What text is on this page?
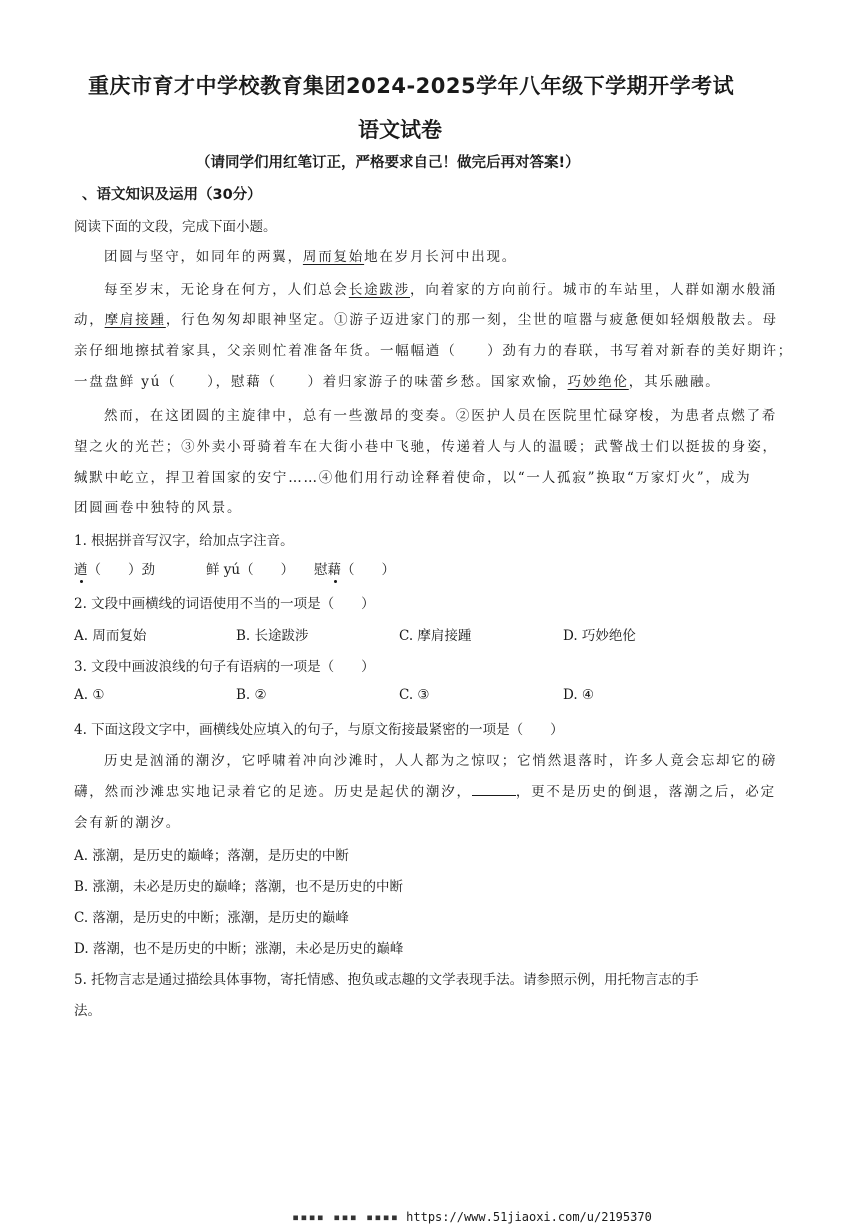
重庆市育才中学校教育集团2024-2025学年八年级下学期开学考试
语文试卷
（请同学们用红笔订正，严格要求自己！做完后再对答案!）
、语文知识及运用（30分）
阅读下面的文段，完成下面小题。
团圆与坚守，如同年的两翼，周而复始地在岁月长河中出现。
每至岁末，无论身在何方，人们总会长途跋涉，向着家的方向前行。城市的车站里，人群如潮水般涌
动，摩肩接踵，行色匆匆却眼神坚定。①游子迈进家门的那一刻，尘世的喧嚣与疲惫便如轻烟般散去。母
亲仔细地擦拭着家具，父亲则忙着准备年货。一幅幅遒（　　）劲有力的春联，书写着对新春的美好期许；
一盘盘鲜 yú（　　），慰藉（　　）着归家游子的味蕾乡愁。国家欢愉，巧妙绝伦，其乐融融。
然而，在这团圆的主旋律中，总有一些激昂的变奏。②医护人员在医院里忙碌穿梭，为患者点燃了希
望之火的光芒；③外卖小哥骑着车在大街小巷中飞驰，传递着人与人的温暖；武警战士们以挺拔的身姿，
缄默中屹立，捍卫着国家的安宁……④他们用行动诠释着使命，以“一人孤寂”换取“万家灯火”，成为
团圆画卷中独特的风景。
1. 根据拼音写汉字，给加点字注音。
遒（　　）劲	鲜 yú（　　） 慰藉（　　）
2. 文段中画横线的词语使用不当的一项是（　　）
A. 周而复始	B. 长途跋涉	C. 摩肩接踵	D. 巧妙绝伦
3. 文段中画波浪线的句子有语病的一项是（　　）
A. ①	B. ②	C. ③	D. ④
4. 下面这段文字中，画横线处应填入的句子，与原文衔接最紧密的一项是（　　）
历史是汹涌的潮汐，它呼啸着冲向沙滩时，人人都为之惊叹；它悄然退落时，许多人竟会忘却它的磅
礴，然而沙滩忠实地记录着它的足迹。历史是起伏的潮汐，	，更不是历史的倒退，落潮之后，必定
会有新的潮汐。
A. 涨潮，是历史的巅峰；落潮，是历史的中断
B. 涨潮，未必是历史的巅峰；落潮，也不是历史的中断
C. 落潮，是历史的中断；涨潮，是历史的巅峰
D. 落潮，也不是历史的中断；涨潮，未必是历史的巅峰
5. 托物言志是通过描绘具体事物，寄托情感、抱负或志趣的文学表现手法。请参照示例，用托物言志的手
法。
▪▪▪▪ ▪▪▪ ▪▪▪▪ https://www.51jiaoxi.com/u/2195370
